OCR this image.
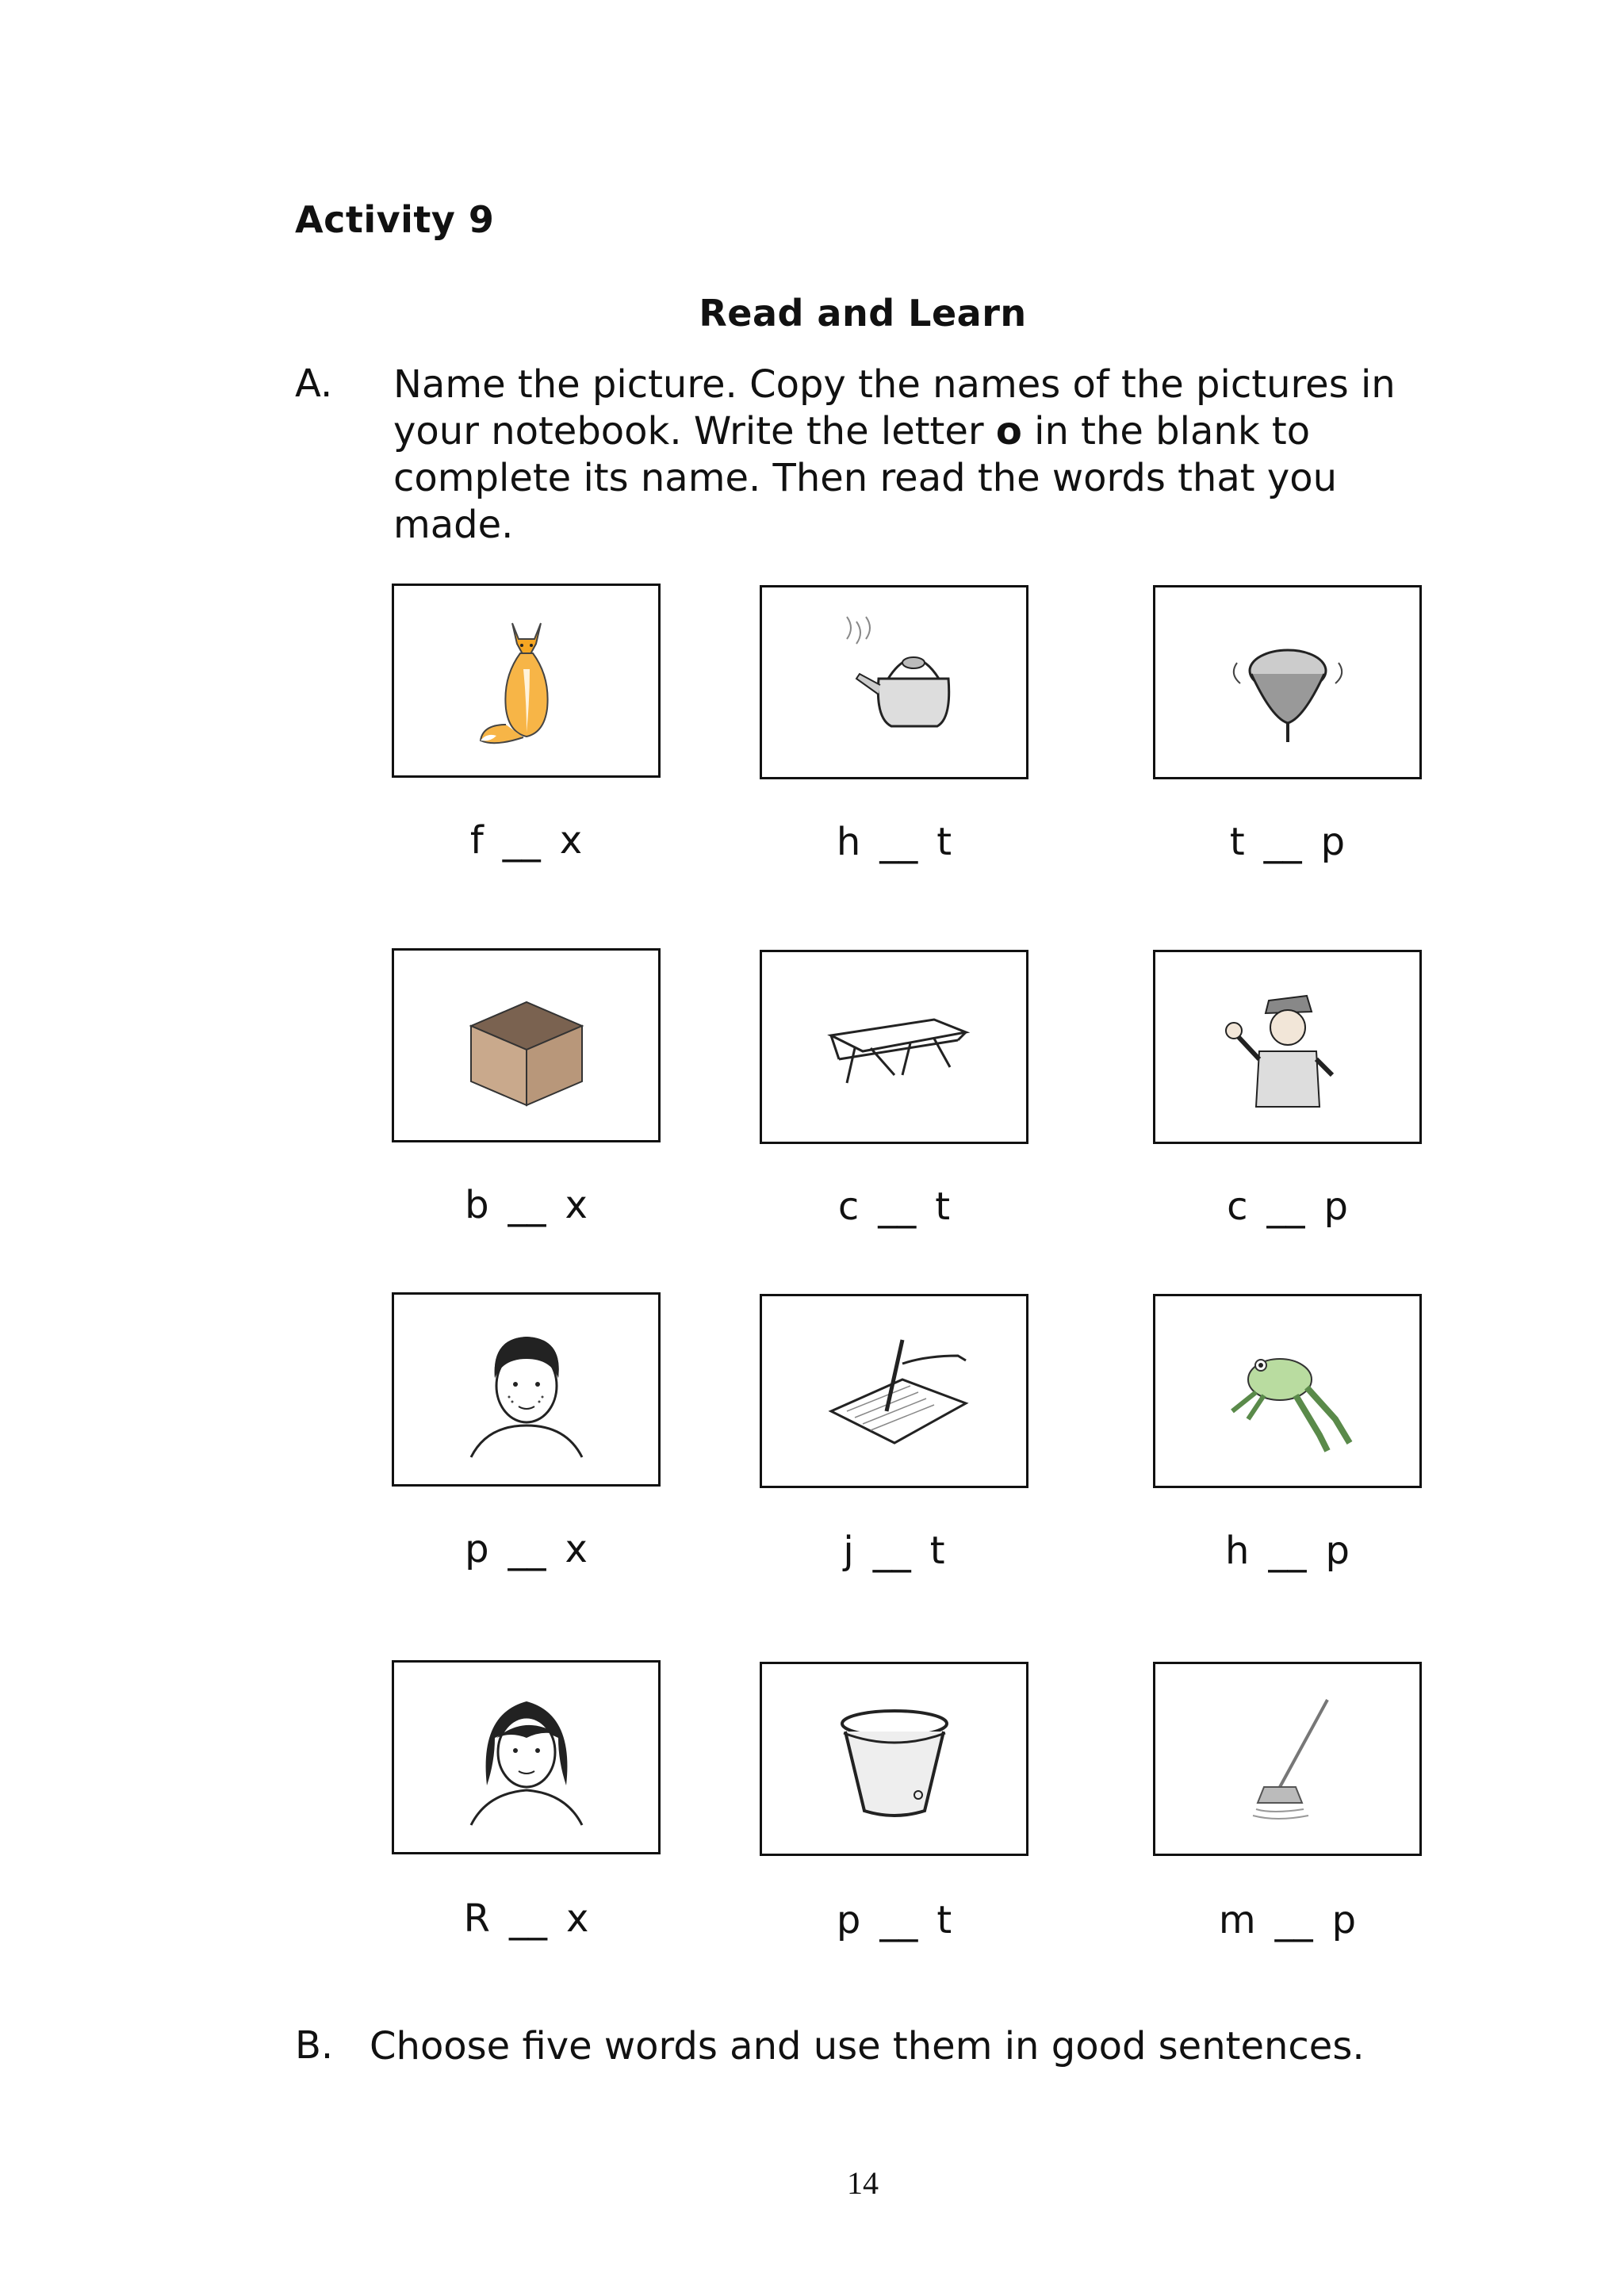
Activity 9
Read and Learn
A. Name the picture. Copy the names of the pictures in your notebook. Write the letter o in the blank to complete its name. Then read the words that you made.
f __ x	h __ t	t __ p
b __ x	c __ t	c __ p
p __ x	j __ t	h __ p
R __ x	p __ t	m __ p
B. Choose five words and use them in good sentences.
14
